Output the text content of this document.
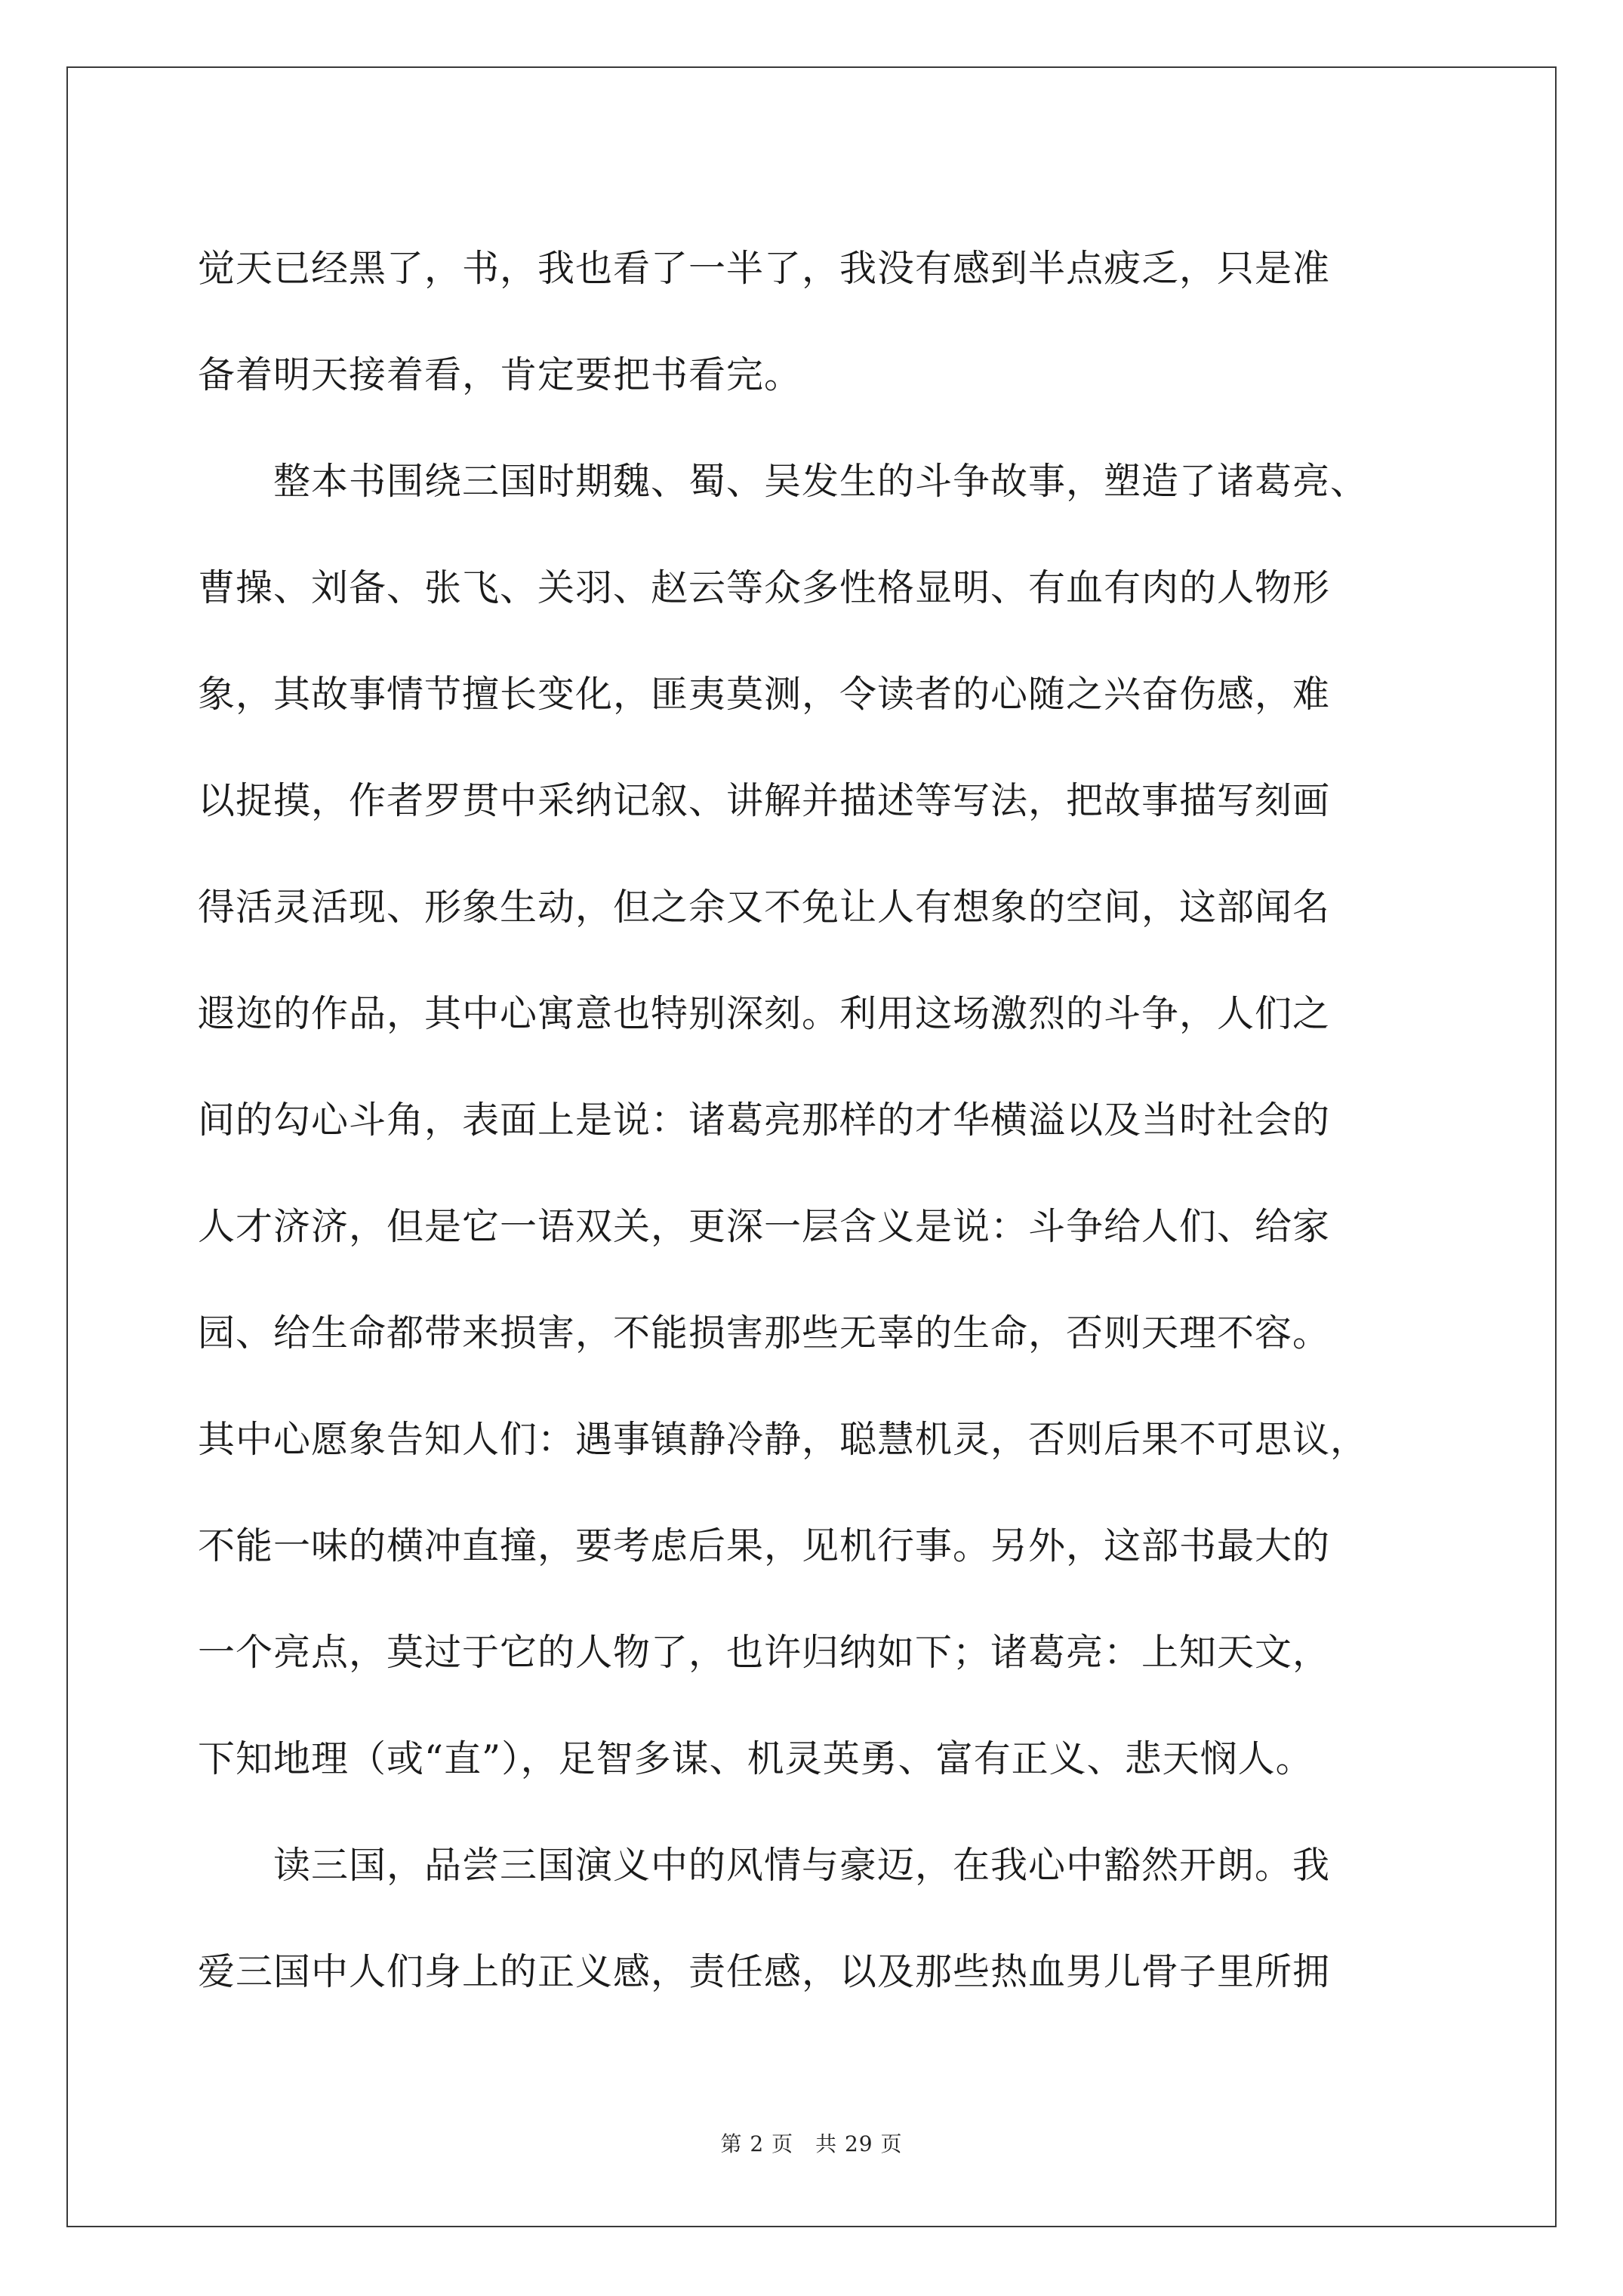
觉天已经黑了，书，我也看了一半了，我没有感到半点疲乏，只是准
备着明天接着看，肯定要把书看完。
　　整本书围绕三国时期魏、蜀、吴发生的斗争故事，塑造了诸葛亮、
曹操、刘备、张飞、关羽、赵云等众多性格显明、有血有肉的人物形
象，其故事情节擅长变化，匪夷莫测，令读者的心随之兴奋伤感，难
以捉摸，作者罗贯中采纳记叙、讲解并描述等写法，把故事描写刻画
得活灵活现、形象生动，但之余又不免让人有想象的空间，这部闻名
遐迩的作品，其中心寓意也特别深刻。利用这场激烈的斗争，人们之
间的勾心斗角，表面上是说：诸葛亮那样的才华横溢以及当时社会的
人才济济，但是它一语双关，更深一层含义是说：斗争给人们、给家
园、给生命都带来损害，不能损害那些无辜的生命，否则天理不容。
其中心愿象告知人们：遇事镇静冷静，聪慧机灵，否则后果不可思议，
不能一味的横冲直撞，要考虑后果，见机行事。另外，这部书最大的
一个亮点，莫过于它的人物了，也许归纳如下；诸葛亮：上知天文，
下知地理（或“直”），足智多谋、机灵英勇、富有正义、悲天悯人。
　　读三国，品尝三国演义中的风情与豪迈，在我心中豁然开朗。我
爱三国中人们身上的正义感，责任感，以及那些热血男儿骨子里所拥
第 2 页　共 29 页
